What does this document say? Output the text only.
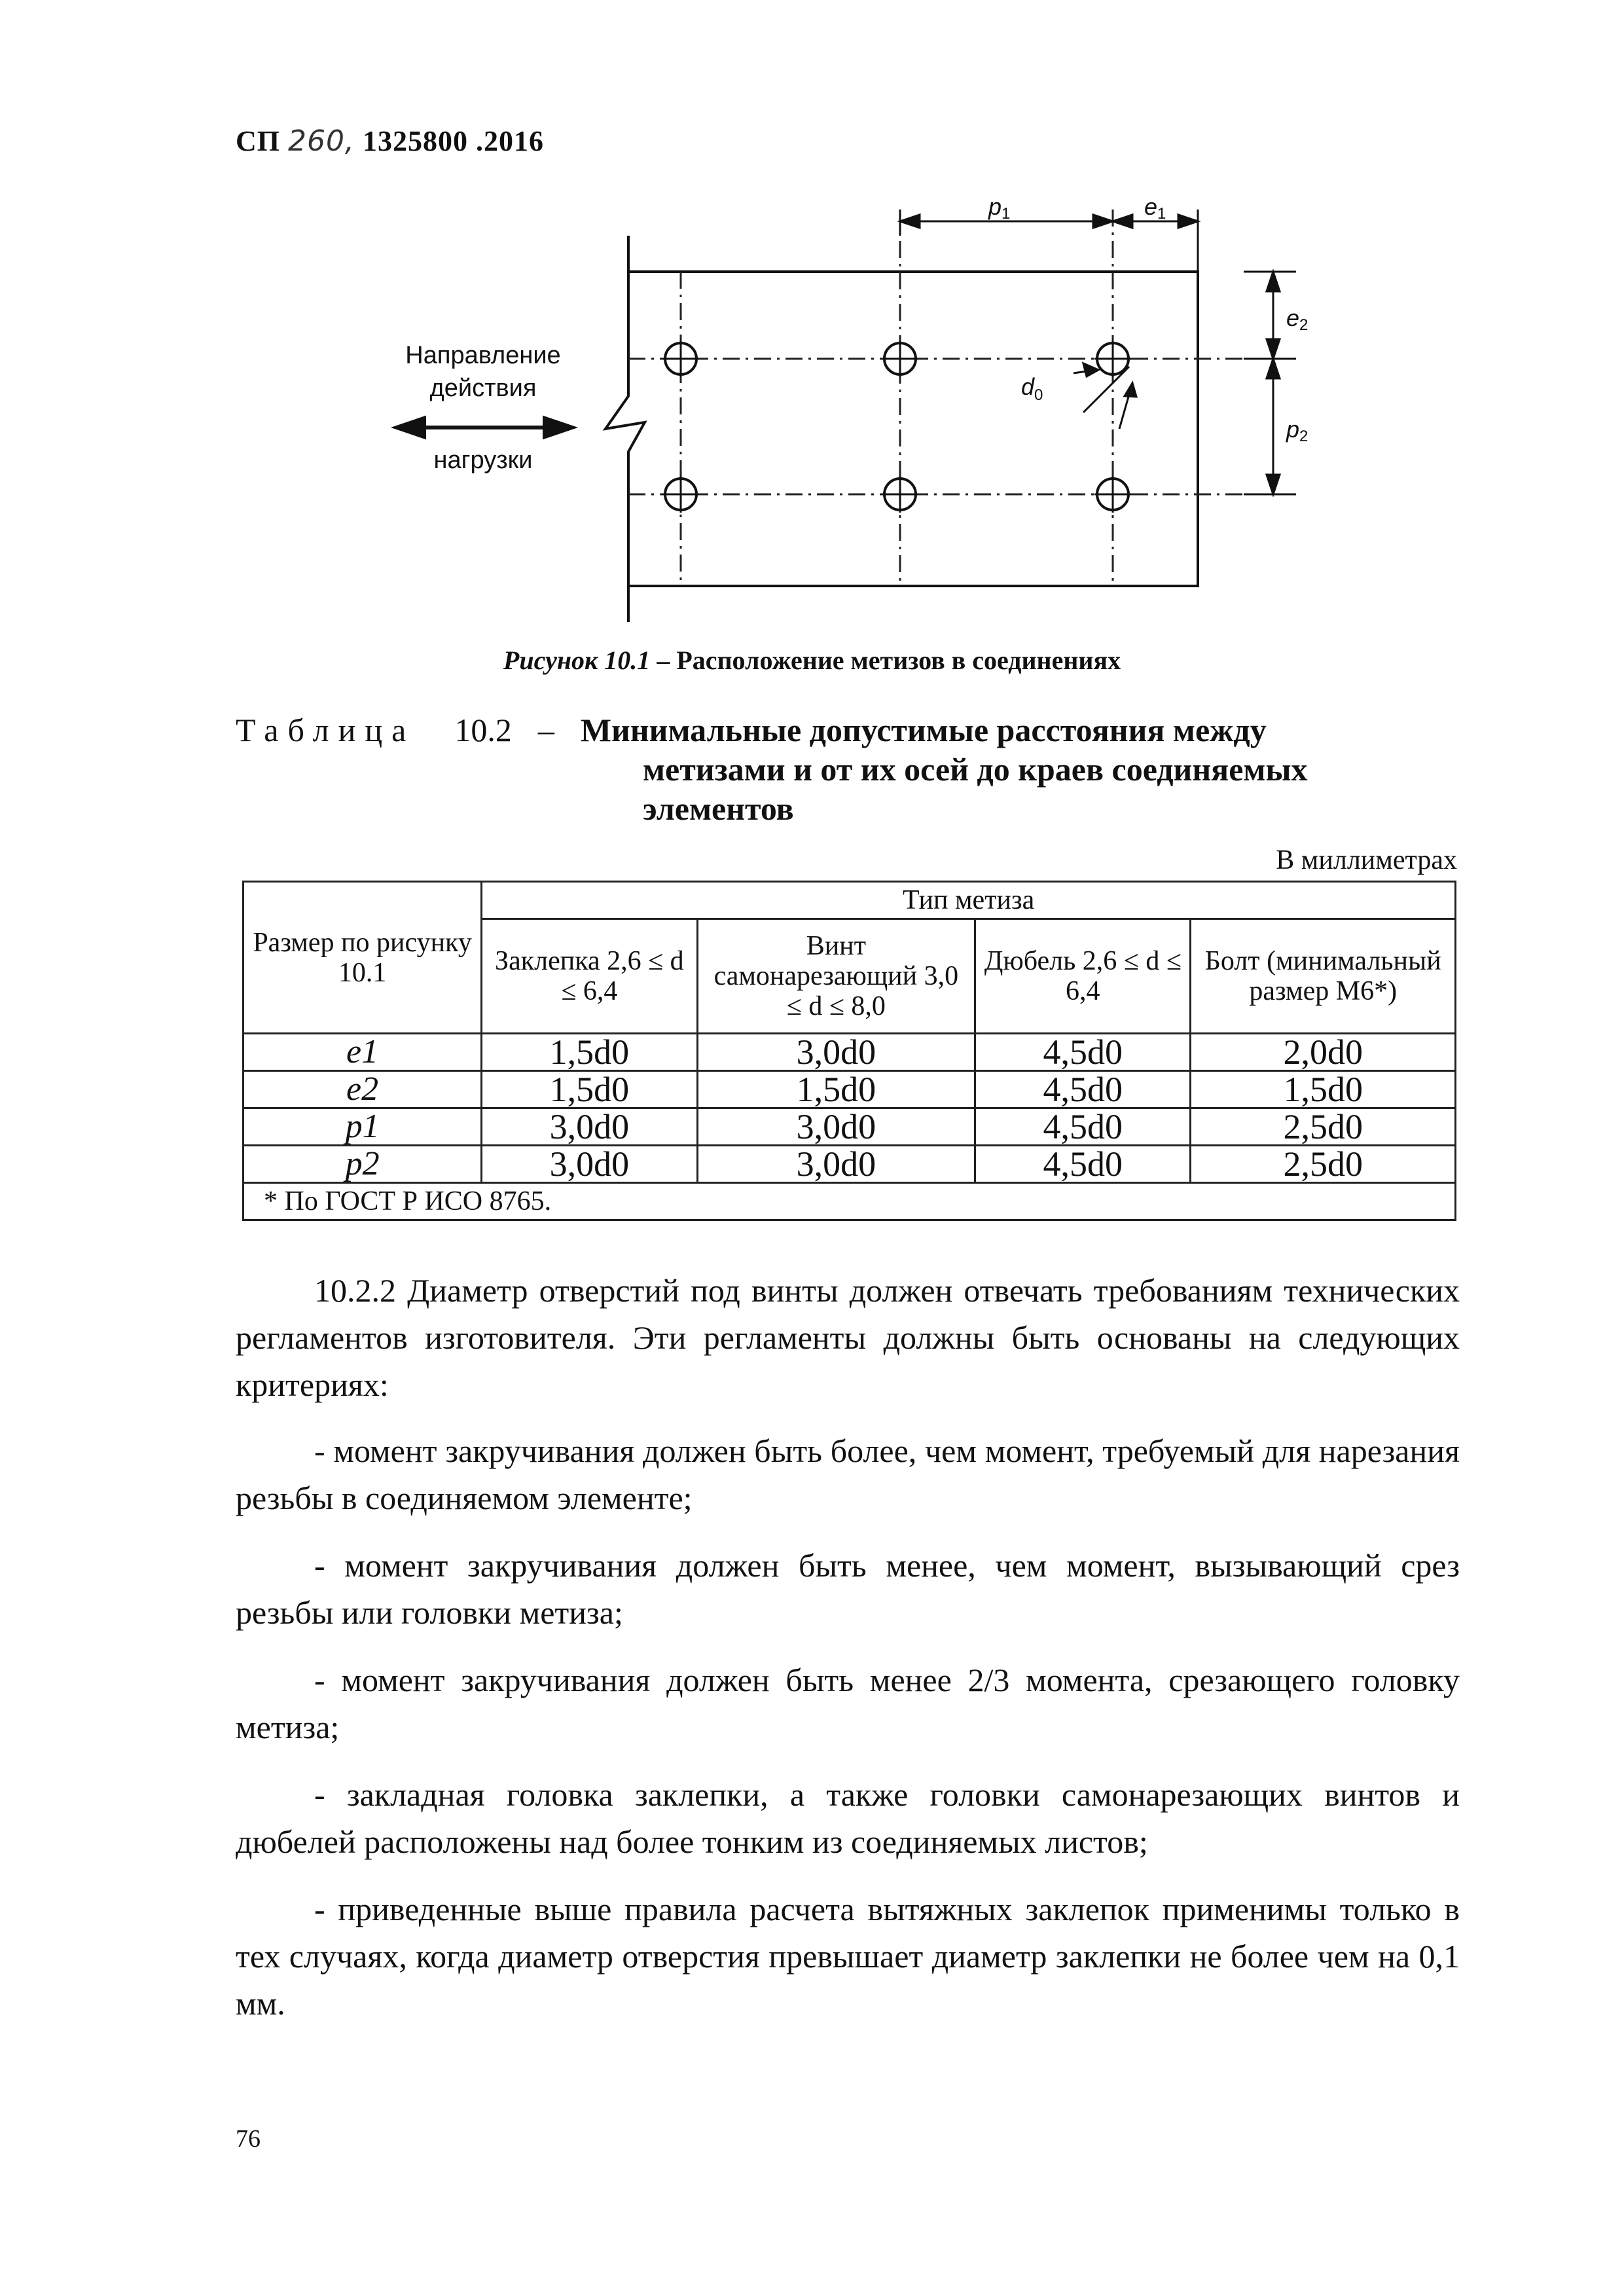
СП 260, 1325800 .2016
p1	e1
e2
p2
$d_0$
Направление
действия
нагрузки
Рисунок 10.1 – Расположение метизов в соединениях
Таблица 10.2 – Минимальные допустимые расстояния между
метизами и от их осей до краев соединяемых
элементов
В миллиметрах
Размер по рисунку 10.1	Тип метиза			
	Заклепка 2,6 ≤ d ≤ 6,4	Винт самонарезающий 3,0 ≤ d ≤ 8,0	Дюбель 2,6 ≤ d ≤ 6,4	Болт (минимальный размер М6*)
e1	1,5d0	3,0d0	4,5d0	2,0d0
e2	1,5d0	1,5d0	4,5d0	1,5d0
p1	3,0d0	3,0d0	4,5d0	2,5d0
p2	3,0d0	3,0d0	4,5d0	2,5d0
* По ГОСТ Р ИСО 8765.				
10.2.2 Диаметр отверстий под винты должен отвечать требованиям технических регламентов изготовителя. Эти регламенты должны быть основаны на следующих критериях:
- момент закручивания должен быть более, чем момент, требуемый для нарезания резьбы в соединяемом элементе;
- момент закручивания должен быть менее, чем момент, вызывающий срез резьбы или головки метиза;
- момент закручивания должен быть менее 2/3 момента, срезающего головку метиза;
- закладная головка заклепки, а также головки самонарезающих винтов и дюбелей расположены над более тонким из соединяемых листов;
- приведенные выше правила расчета вытяжных заклепок применимы только в тех случаях, когда диаметр отверстия превышает диаметр заклепки не более чем на 0,1 мм.
76
